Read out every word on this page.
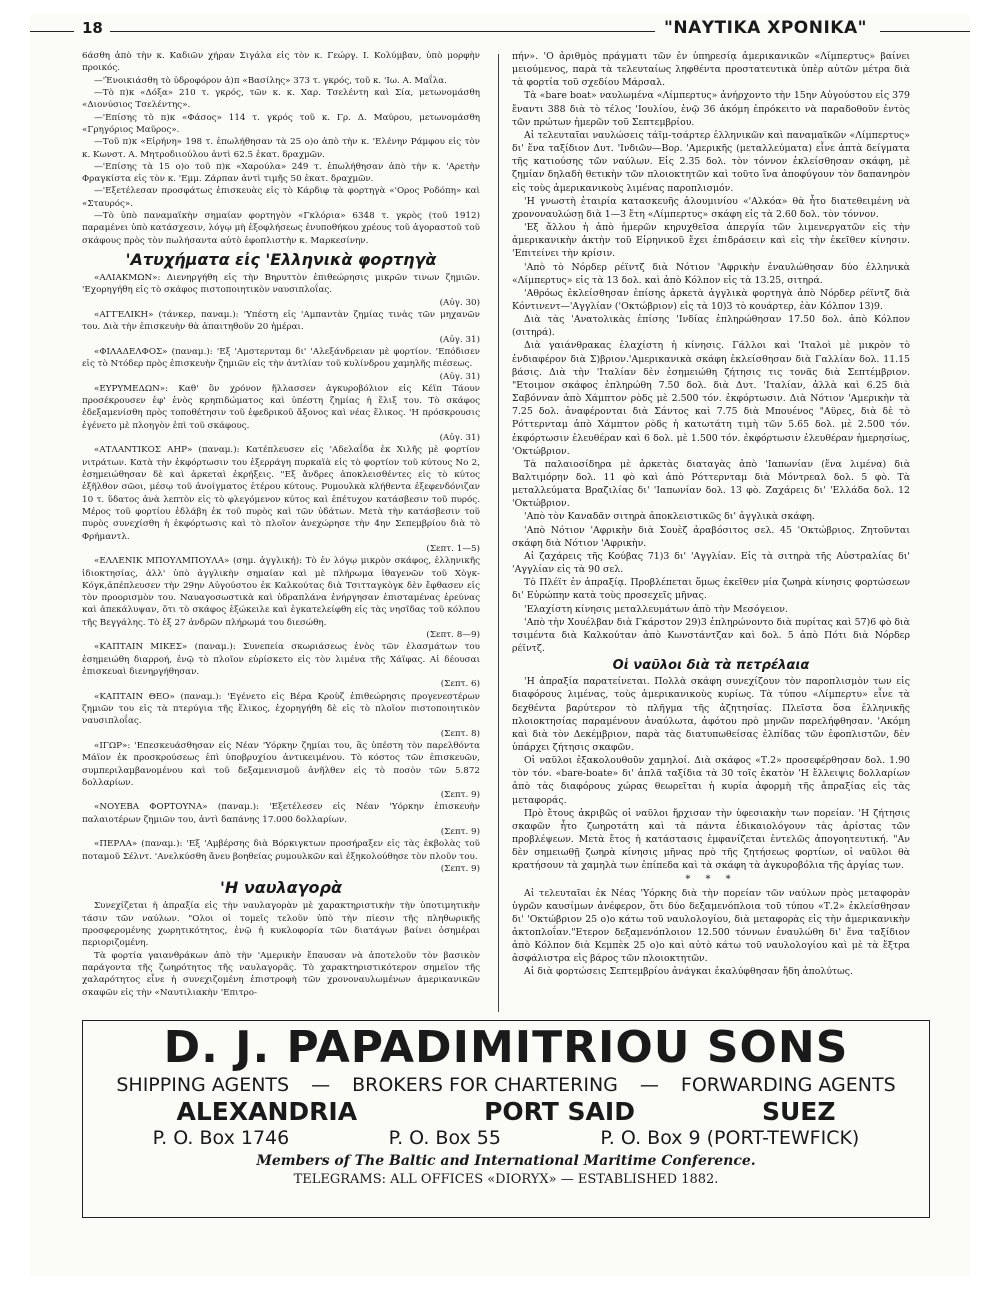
18	"ΝΑΥΤΙΚΑ ΧΡΟΝΙΚΑ"

6άσθη ἀπὸ τὴν κ. Καδιῶν χήραν Σιγάλα εἰς τὸν κ. Γεώργ. Ι. Κολύμβαν, ὑπὸ μορφὴν προικός.

—'Ἐνοικιάσθη τὸ ὑδροφόρον ἀ)π «Βασίλης» 373 τ. γκρός, τοῦ κ. 'Ιω. Α. Μαΐλα.

—Τὸ π)κ «Δόξα» 210 τ. γκρός, τῶν κ. κ. Χαρ. Τσελέντη καὶ Σία, μετωνομάσθη «Διονύσιος Τσελέντης».

—'Επίσης τὸ π)κ «Φάσος» 114 τ. γκρός τοῦ κ. Γρ. Δ. Μαύρου, μετωνομάσθη «Γρηγόριος Μαῦρος».

—Τοῦ π)κ «Εἰρήνη» 198 τ. ἐπωλήθησαν τὰ 25 ο)ο ἀπὸ τὴν κ. 'Ελένην Ράμφου εἰς τὸν κ. Κωνστ. Α. Μητροδιιούλου ἀντὶ 62.5 ἑκατ. δραχμῶν.

—'Επίσης τὰ 15 ο)ο τοῦ π)κ «Χαρούλα» 249 τ. ἐπωλήθησαν ἀπὸ τὴν κ. 'Αρετὴν Φραγκίστα εἰς τὸν κ. 'Εμμ. Ζάρπαν ἀντὶ τιμῆς 50 ἑκατ. δραχμῶν.

—'Εξετέλεσαν προσφάτως ἐπισκευὰς εἰς τὸ Κάρδιφ τὰ φορτηγὰ «'Ορος Ροδόπη» καὶ «Σταυρός».

—Τὸ ὑπὸ παναμαϊκὴν σημαίαν φορτηγὸν «Γκλόρια» 6348 τ. γκρὸς (τοῦ 1912) παραμένει ὑπὸ κατάσχεσιν, λόγῳ μὴ ἐξοφλήσεως ἐνυποθήκου χρέους τοῦ ἀγοραστοῦ τοῦ σκάφους πρὸς τὸν πωλήσαντα αὐτὸ ἐφοπλιστὴν κ. Μαρκεσίνην.

'Ατυχήματα εἰς 'Ελληνικὰ φορτηγὰ

«ΑΛΙΑΚΜΩΝ»: Διενηργήθη εἰς τὴν Βηρυττὸν ἐπιθεώρησις μικρῶν τινων ζημιῶν. 'Εχορηγήθη εἰς τὸ σκάφος πιστοποιητικὸν ναυσιπλοΐας.

(Αὐγ. 30)

«ΑΓΓΕΛΙΚΗ» (τάνκερ, παναμ.): 'Υπέστη εἰς 'Αμπαντὰν ζημίας τινὰς τῶν μηχανῶν του. Διὰ τὴν ἐπισκευὴν θὰ ἀπαιτηθοῦν 20 ἡμέραι.

(Αὐγ. 31)

«ΦΙΛΑΔΕΛΦΟΣ» (παναμ.): 'Εξ 'Αμστερνταμ δι' 'Αλεξάνδρειαν μὲ φορτίον. 'Επόδισεν εἰς τὸ Ντόδερ πρὸς ἐπισκευὴν ζημιῶν εἰς τὴν ἀντλίαν τοῦ κυλίνδρου χαμηλῆς πιέσεως.

(Αὐγ. 31)

«ΕΥΡΥΜΕΔΩΝ»: Καθ' ὃν χρόνον ἤλλασσεν ἀγκυροβόλιον εἰς Κέϊπ Τάουν προσέκρουσεν ἐφ' ἑνὸς κρηπιδώματος καὶ ὑπέστη ζημίας ἡ ἕλιξ του. Τὸ σκάφος ἐδεξαμενίσθη πρὸς τοποθέτησιν τοῦ ἐφεδρικοῦ ἄξονος καὶ νέας ἕλικος. 'Η πρόσκρουσις ἐγένετο μὲ πλοηγὸν ἐπὶ τοῦ σκάφους.

(Αὐγ. 31)

«ΑΤΛΑΝΤΙΚΟΣ ΑΗΡ» (παναμ.): Κατέπλευσεν εἰς 'Αδελαΐδα ἐκ Χιλῆς μὲ φορτίον νιτράτων. Κατὰ τὴν ἐκφόρτωσιν του ἐξερράγη πυρκαϊὰ εἰς τὸ φορτίον τοῦ κύτους Νο 2, ἐσημειώθησαν δὲ καὶ ἀρκεταὶ ἐκρήξεις. "Εξ ἄνδρες ἀποκλεισθέντες εἰς τὸ κύτος ἐξῆλθον σῶοι, μέσῳ τοῦ ἀνοίγματος ἑτέρου κύτους. Ρυμουλκὰ κλήθεντα ἐξεφενδόνιζαν 10 τ. ὕδατος ἀνὰ λεπτὸν εἰς τὸ φλεγόμενον κύτος καὶ ἐπέτυχον κατάσβεσιν τοῦ πυρός. Μέρος τοῦ φορτίου ἐδλάβη ἐκ τοῦ πυρὸς καὶ τῶν ὑδάτων. Μετὰ τὴν κατάσβεσιν τοῦ πυρὸς συνεχίσθη ἡ ἐκφόρτωσις καὶ τὸ πλοῖον ἀνεχώρησε τὴν 4ην Σεπεμβρίου διὰ τὸ Φρήμαντλ.

(Σεπτ. 1—5)

«ΕΛΛΕΝΙΚ ΜΠΟΥΛΜΠΟΥΛΑ» (σημ. ἀγγλική): Τὸ ἐν λόγῳ μικρὸν σκάφος, ἑλληνικῆς ἰδιοκτησίας, ἀλλ' ὑπὸ ἀγγλικὴν σημαίαν καὶ μὲ πλήρωμα ἰθαγενῶν τοῦ Χὸγκ-Κόγκ,ἀπέπλευσεν τὴν 29ην Αὐγούστου ἐκ Καλκούτας διὰ Τσιτταγκὸγκ δὲν ἔφθασεν εἰς τὸν προορισμὸν του. Ναυαγοσωστικὰ καὶ ὑδραπλάνα ἐνήργησαν ἐπισταμένας ἐρεύνας καὶ ἀπεκάλυψαν, ὅτι τὸ σκάφος ἐξώκειλε καὶ ἐγκατελείφθη εἰς τὰς νησῖδας τοῦ κόλπου τῆς Βεγγάλης. Τὸ ἐξ 27 ἀνδρῶν πλήρωμά του διεσώθη.

(Σεπτ. 8—9)

«ΚΑΠΤΑΙΝ ΜΙΚΕΣ» (παναμ.): Συνεπεία σκωριάσεως ἑνὸς τῶν ἐλασμάτων του ἐσημειώθη διαρροή, ἐνῷ τὸ πλοῖον εὑρίσκετο εἰς τὸν λιμένα τῆς Χάϊφας. Αἱ δέουσαι ἐπισκευαὶ διενηργήθησαν.

(Σεπτ. 6)

«ΚΑΠΤΑΙΝ ΘΕΟ» (παναμ.): 'Εγένετο εἰς Βέρα Κροὺζ ἐπιθεώρησις προγενεστέρων ζημιῶν του εἰς τὰ πτερύγια τῆς ἕλικος, ἐχορηγήθη δὲ εἰς τὸ πλοῖον πιστοποιητικὸν ναυσιπλοΐας.

(Σεπτ. 8)

«ΙΓΩΡ»: 'Επεσκευάσθησαν εἰς Νέαν 'Υόρκην ζημίαι του, ἃς ὑπέστη τὸν παρελθόντα Μάϊον ἐκ προσκρούσεως ἐπὶ ὑποβρυχίου ἀντικειμένου. Τὸ κόστος τῶν ἐπισκευῶν, συμπεριλαμβανομένου καὶ τοῦ δεξαμενισμοῦ ἀνῆλθεν εἰς τὸ ποσὸν τῶν 5.872 δολλαρίων.

(Σεπτ. 9)

«ΝΟΥΕΒΑ ΦΟΡΤΟΥΝΑ» (παναμ.): 'Εξετέλεσεν εἰς Νέαν 'Υόρκην ἐπισκευὴν παλαιοτέρων ζημιῶν του, ἀντὶ δαπάνης 17.000 δολλαρίων.

(Σεπτ. 9)

«ΠΕΡΛΑ» (παναμ.): 'Εξ 'Αμβέρσης διὰ Βόρκιγκτων προσήραξεν εἰς τὰς ἐκβολὰς τοῦ ποταμοῦ Σέλντ. 'Ανελκύσθη ἄνευ βοηθείας ρυμουλκῶν καὶ ἐξηκολούθησε τὸν πλοῦν του.

(Σεπτ. 9)

'Η ναυλαγορὰ

Συνεχίζεται ἡ ἀπραξία εἰς τὴν ναυλαγορὰν μὲ χαρακτηριστικὴν τὴν ὑποτιμητικὴν τάσιν τῶν ναύλων. "Ολοι οἱ τομεῖς τελοῦν ὑπὸ τὴν πίεσιν τῆς πληθωρικῆς προσφερομένης χωρητικότητος, ἐνῷ ἡ κυκλοφορία τῶν διατάγων βαίνει ὁσημέραι περιοριζομένη.

Τὰ φορτία γαιανθράκων ἀπὸ τὴν 'Αμερικὴν ἔπαυσαν νὰ ἀποτελοῦν τὸν βασικὸν παράγοντα τῆς ζωηρότητος τῆς ναυλαγορᾶς. Τὸ χαρακτηριστικότερον σημεῖον τῆς χαλαρότητος εἶνε ἡ συνεχιζομένη ἐπιστροφὴ τῶν χρονοναυλωμένων ἀμερικανικῶν σκαφῶν εἰς τὴν «Ναυτιλιακὴν 'Επιτρο-

πήν». 'Ο ἀριθμὸς πράγματι τῶν ἐν ὑπηρεσίᾳ ἀμερικανικῶν «Λίμπερτυς» βαίνει μειούμενος, παρὰ τὰ τελευταίως ληφθέντα προστατευτικὰ ὑπὲρ αὐτῶν μέτρα διὰ τὰ φορτία τοῦ σχεδίου Μάρσαλ.

Τὰ «bare boat» ναυλωμένα «Λίμπερτυς» ἀνήρχοντο τὴν 15ην Αὐγούστου εἰς 379 ἔναντι 388 διὰ τὸ τέλος 'Ιουλίου, ἐνῷ 36 ἀκόμη ἐπρόκειτο νὰ παραδοθοῦν ἐντὸς τῶν πρώτων ἡμερῶν τοῦ Σεπτεμβρίου.

Αἱ τελευταῖαι ναυλώσεις τάϊμ-τσάρτερ ἑλληνικῶν καὶ παναμαϊκῶν «Λίμπερτυς» δι' ἕνα ταξίδιον Δυτ. 'Ινδιῶν—Βορ. 'Αμερικῆς (μεταλλεύματα) εἶνε ἀπτὰ δείγματα τῆς κατιούσης τῶν ναύλων. Εἰς 2.35 δολ. τὸν τόννον ἐκλείσθησαν σκάφη, μὲ ζημίαν δηλαδὴ θετικὴν τῶν πλοιοκτητῶν καὶ τοῦτο ἵνα ἀποφύγουν τὸν δαπανηρὸν εἰς τοὺς ἀμερικανικοὺς λιμένας παροπλισμόν.

'Η γνωστὴ ἑταιρία κατασκευῆς ἀλουμινίου «'Αλκόα» θὰ ἦτο διατεθειμένη νὰ χρονοναυλώσῃ διὰ 1—3 ἔτη «Λίμπερτυς» σκάφη εἰς τὰ 2.60 δολ. τὸν τόννον.

'Εξ ἄλλου ἡ ἀπὸ ἡμερῶν κηρυχθεῖσα ἀπεργία τῶν λιμενεργατῶν εἰς τὴν ἀμερικανικὴν ἀκτὴν τοῦ Εἰρηνικοῦ ἔχει ἐπιδράσειν καὶ εἰς τὴν ἐκεῖθεν κίνησιν. 'Επιτείνει τὴν κρίσιν.

'Απὸ τὸ Νόρδερ ρέϊντζ διὰ Νότιον 'Αφρικὴν ἐναυλώθησαν δύο ἑλληνικὰ «Λίμπερτυς» εἰς τὰ 13 δολ. καὶ ἀπὸ Κόλπον εἰς τὰ 13.25, σιτηρά.

'Αθρόως ἐκλείσθησαν ἐπίσης ἀρκετὰ ἀγγλικὰ φορτηγὰ ἀπὸ Νόρδερ ρέϊντζ διὰ Κόντινεντ—'Αγγλίαν ('Οκτώβριον) εἰς τὰ 10)3 τὸ κουάρτερ, ἐὰν Κόλπον 13)9.

Διὰ τὰς 'Ανατολικὰς ἐπίσης 'Ινδίας ἐπληρώθησαν 17.50 δολ. ἀπὸ Κόλπον (σιτηρά).

Διὰ γαιάνθρακας ἐλαχίστη ἡ κίνησις. Γάλλοι καὶ 'Ιταλοὶ μὲ μικρὸν τὸ ἐνδιαφέρον διὰ Σ)βριον.'Αμερικανικὰ σκάφη ἐκλείσθησαν διὰ Γαλλίαν δολ. 11.15 βάσις. Διὰ τὴν 'Ιταλίαν δὲν ἐσημειώθη ζήτησις τις τονᾶς διὰ Σεπτέμβριον. "Ετοιμον σκάφος ἐπληρώθη 7.50 δολ. διὰ Δυτ. 'Ιταλίαν, ἀλλὰ καὶ 6.25 διὰ Σαβόνναν ἀπὸ Χάμπτον ρὸδς μὲ 2.500 τόν. ἐκφόρτωσιν. Διὰ Νότιον 'Αμερικὴν τὰ 7.25 δολ. ἀναφέρονται διὰ Σάντος καὶ 7.75 διὰ Μπουένος "Αϋρες, διὰ δὲ τὸ Ρόττερνταμ ἀπὸ Χάμπτον ρὸδς ἡ κατωτάτη τιμὴ τῶν 5.65 δολ. μὲ 2.500 τόν. ἐκφόρτωσιν ἐλευθέραν καὶ 6 δολ. μὲ 1.500 τόν. ἐκφόρτωσιν ἐλευθέραν ἡμερησίως, 'Οκτώβριον.

Τὰ παλαιοσίδηρα μὲ ἀρκετὰς διαταγὰς ἀπὸ 'Ιαπωνίαν (ἕνα λιμένα) διὰ Βαλτιμόρην δολ. 11 φὸ καὶ ἀπὸ Ρόττερνταμ διὰ Μόντρεαλ δολ. 5 φὸ. Τὰ μεταλλεύματα Βραζιλίας δι' 'Ιαπωνίαν δολ. 13 φὸ. Ζαχάρεις δι' 'Ελλάδα δολ. 12 'Οκτώβριον.

'Απὸ τὸν Καναδᾶν σιτηρὰ ἀποκλειστικῶς δι' ἀγγλικὰ σκάφη.

'Απὸ Νότιον 'Αφρικὴν διὰ Σουὲζ ἀραβόσιτος σελ. 45 'Οκτώβριος. Ζητοῦνται σκάφη διὰ Νότιον 'Αφρικὴν.

Αἱ ζαχάρεις τῆς Κούβας 71)3 δι' 'Αγγλίαν. Εἰς τὰ σιτηρὰ τῆς Αὐστραλίας δι' 'Αγγλίαν εἰς τὰ 90 σελ.

Τὸ Πλέϊτ ἐν ἀπραξίᾳ. Προβλέπεται ὅμως ἐκεῖθεν μία ζωηρὰ κίνησις φορτώσεων δι' Εὐρώπην κατὰ τοὺς προσεχεῖς μῆνας.

'Ελαχίστη κίνησις μεταλλευμάτων ἀπὸ τὴν Μεσόγειον.

'Απὸ τὴν Χουέλβαν διὰ Γκάρστον 29)3 ἐπληρώνοντο διὰ πυρίτας καὶ 57)6 φὸ διὰ τσιμέντα διὰ Καλκούταν ἀπὸ Κωνστάντζαν καὶ δολ. 5 ἀπὸ Πότι διὰ Νόρδερ ρέϊντζ.

Οἱ ναῦλοι διὰ τὰ πετρέλαια

'Η ἀπραξία παρατείνεται. Πολλὰ σκάφη συνεχίζουν τὸν παροπλισμὸν των εἰς διαφόρους λιμένας, τοὺς ἀμερικανικοὺς κυρίως. Τὰ τύπου «Λίμπερτυ» εἶνε τὰ δεχθέντα βαρύτερον τὸ πλῆγμα τῆς ἀζητησίας. Πλεῖστα ὅσα ἑλληνικῆς πλοιοκτησίας παραμένουν ἀναύλωτα, ἀφότου πρὸ μηνῶν παρελήφθησαν. 'Ακόμη καὶ διὰ τὸν Δεκέμβριον, παρὰ τὰς διατυπωθείσας ἐλπίδας τῶν ἐφοπλιστῶν, δὲν ὑπάρχει ζήτησις σκαφῶν.

Οἱ ναῦλοι ἐξακολουθοῦν χαμηλοί. Διὰ σκάφος «Τ.2» προσεφέρθησαν δολ. 1.90 τὸν τόν. «bare-boate» δι' ἁπλᾶ ταξίδια τὰ 30 τοῖς ἑκατὸν 'Η ἔλλειψις δολλαρίων ἀπὸ τὰς διαφόρους χώρας θεωρεῖται ἡ κυρία ἀφορμὴ τῆς ἀπραξίας εἰς τὰς μεταφοράς.

Πρὸ ἔτους ἀκριβῶς οἱ ναῦλοι ἤρχισαν τὴν ὑφεσιακὴν των πορείαν. 'Η ζήτησις σκαφῶν ἦτο ζωηροτάτη καὶ τὰ πάντα ἐδικαιολόγουν τὰς ἀρίστας τῶν προβλέψεων. Μετὰ ἔτος ἡ κατάστασις ἐμφανίζεται ἐντελῶς ἀπογοητευτική. "Αν δὲν σημειωθῇ ζωηρὰ κίνησις μῆνας πρὸ τῆς ζητήσεως φορτίων, οἱ ναῦλοι θὰ κρατήσουν τὰ χαμηλὰ των ἐπίπεδα καὶ τὰ σκάφη τὰ ἀγκυροβόλια τῆς ἀργίας των.

* * *

Αἱ τελευταῖαι ἐκ Νέας 'Υόρκης διὰ τὴν πορείαν τῶν ναύλων πρὸς μεταφορὰν ὑγρῶν καυσίμων ἀνέφερον, ὅτι δύο δεξαμενόπλοια τοῦ τύπου «Τ.2» ἐκλείσθησαν δι' 'Οκτώβριον 25 ο)ο κάτω τοῦ ναυλολογίου, διὰ μεταφορὰς εἰς τὴν ἀμερικανικὴν ἀκτοπλοΐαν."Ετερον δεξαμενόπλοιον 12.500 τόννων ἐναυλώθη δι' ἕνα ταξίδιον ἀπὸ Κόλπον διὰ Κεμπὲκ 25 ο)ο καὶ αὐτὸ κάτω τοῦ ναυλολογίου καὶ μὲ τὰ ἔξτρα ἀσφάλιστρα εἰς βάρος τῶν πλοιοκτητῶν.

Αἱ διὰ φορτώσεις Σεπτεμβρίου ἀνάγκαι ἐκαλύφθησαν ἤδη ἀπολύτως.

D. J. PAPADIMITRIOU SONS
SHIPPING AGENTS — BROKERS FOR CHARTERING — FORWARDING AGENTS
ALEXANDRIA	PORT SAID	SUEZ
P. O. Box 1746	P. O. Box 55	P. O. Box 9 (PORT-TEWFICK)
Members of The Baltic and International Maritime Conference.
TELEGRAMS: ALL OFFICES «DIORYX» — ESTABLISHED 1882.
